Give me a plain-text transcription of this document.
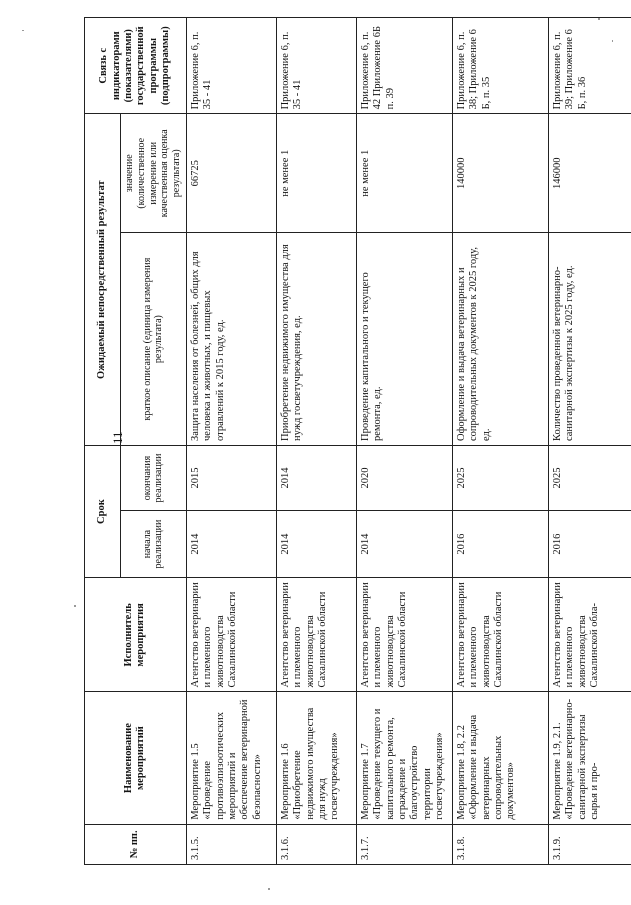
11
№ пп.	Наименование мероприятий	Исполнитель мероприятия	Срок		Ожидаемый непосредственный результат		Связь с индикаторами (показателями) государственной программы (подпрограммы)
			начала реализации	окончания реализации	краткое описание (единица измерения результата)	значение (количественное измерение или качественная оценка результата)	
3.1.5.	Мероприятие 1.5 «Проведение противоэпизоотических мероприятий и обеспечение ветеринарной безопасности»	Агентство ветеринарии и племенного животноводства Сахалинской области	2014	2015	Защита населения от болезней, общих для человека и животных, и пищевых отравлений к 2015 году, ед.	66725	Приложение 6, п. 35 - 41
3.1.6.	Мероприятие 1.6 «Приобретение недвижимого имущества для нужд госветучреждения»	Агентство ветеринарии и племенного животноводства Сахалинской области	2014	2014	Приобретение недвижимого имущества для нужд госветучреждения, ед.	не менее 1	Приложение 6, п. 35 - 41
3.1.7.	Мероприятие 1.7 «Проведение текущего и капитального ремонта, ограждение и благоустройство территории госветучреждения»	Агентство ветеринарии и племенного животноводства Сахалинской области	2014	2020	Проведение капитального и текущего ремонта, ед.	не менее 1	Приложение 6, п. 42 Приложение 6Б п. 39
3.1.8.	Мероприятие 1.8, 2.2 «Оформление и выдача ветеринарных сопроводительных документов»	Агентство ветеринарии и племенного животноводства Сахалинской области	2016	2025	Оформление и выдача ветеринарных и сопроводительных документов к 2025 году, ед.	140000	Приложение 6, п. 38; Приложение 6 Б, п. 35
3.1.9.	Мероприятие 1.9, 2.1. «Проведение ветеринарно-санитарной экспертизы сырья и про-	Агентство ветеринарии и племенного животноводства Сахалинской обла-	2016	2025	Количество проведенной ветеринарно-санитарной экспертизы к 2025 году, ед.	146000	Приложение 6, п. 39; Приложение 6 Б, п. 36
